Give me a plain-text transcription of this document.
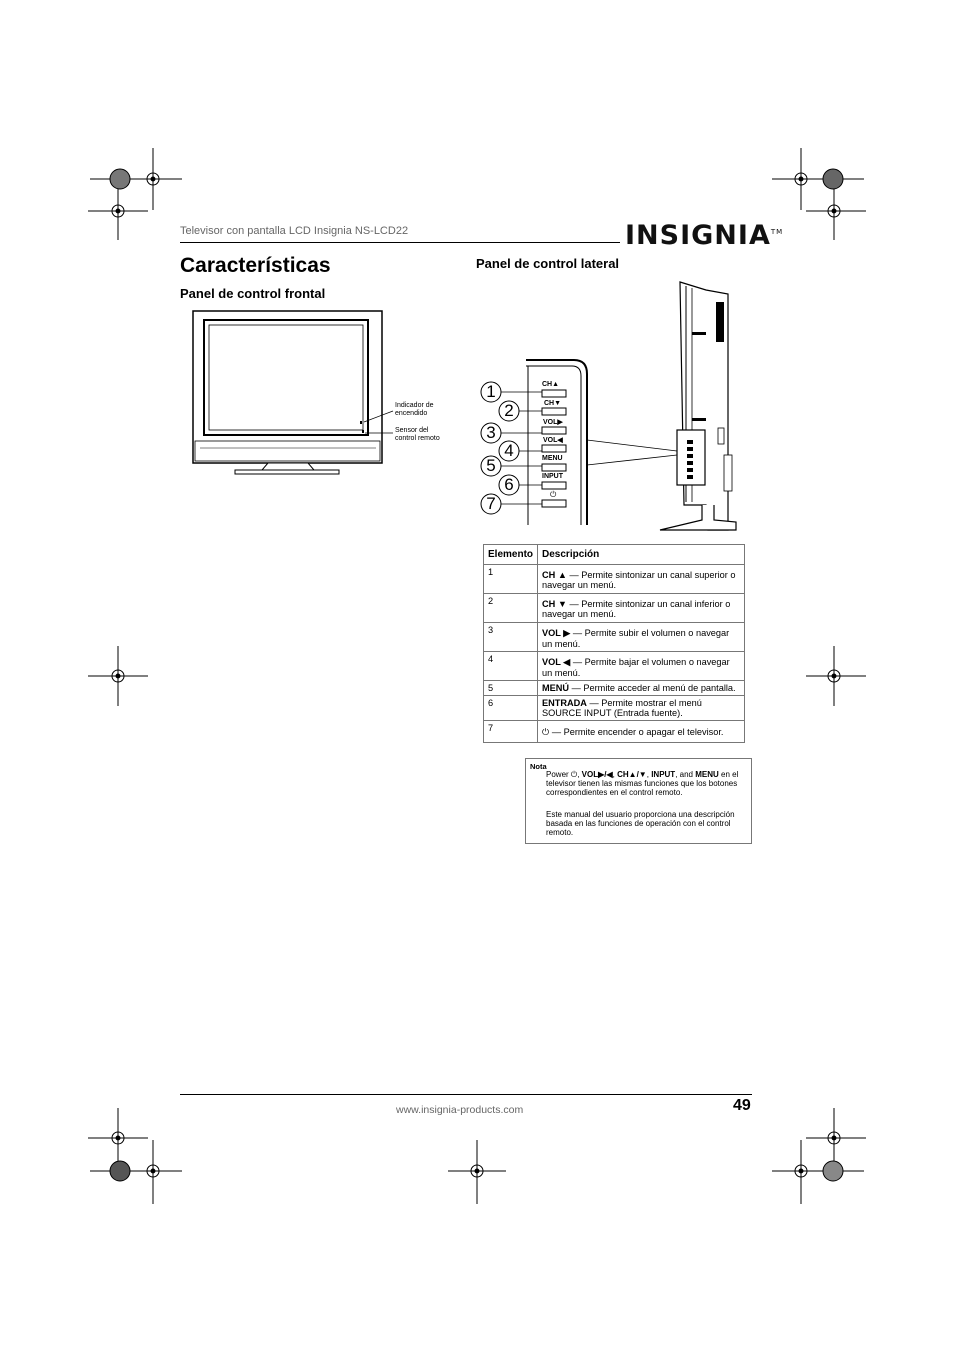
Televisor con pantalla LCD Insignia NS-LCD22	INSIGNIA™
Características
Panel de control frontal
Indicador de
encendido
Sensor del
control remoto
Panel de control lateral
1
2
3
4
5
6
7
CH▲
CH▼
VOL▶
VOL◀
MENU
INPUT
⏻
Elemento	Descripción
1	CH ▲ — Permite sintonizar un canal superior o navegar un menú.
2	CH ▼ — Permite sintonizar un canal inferior o navegar un menú.
3	VOL ▶ — Permite subir el volumen o navegar un menú.
4	VOL ◀ — Permite bajar el volumen o navegar un menú.
5	MENÚ — Permite acceder al menú de pantalla.
6	ENTRADA — Permite mostrar el menú SOURCE INPUT (Entrada fuente).
7	⏻ — Permite encender o apagar el televisor.
Nota
Power ⏻, VOL▶/◀, CH▲/▼, INPUT, and MENU en el televisor tienen las mismas funciones que los botones correspondientes en el control remoto.
Este manual del usuario proporciona una descripción basada en las funciones de operación con el control remoto.
www.insignia-products.com	49
